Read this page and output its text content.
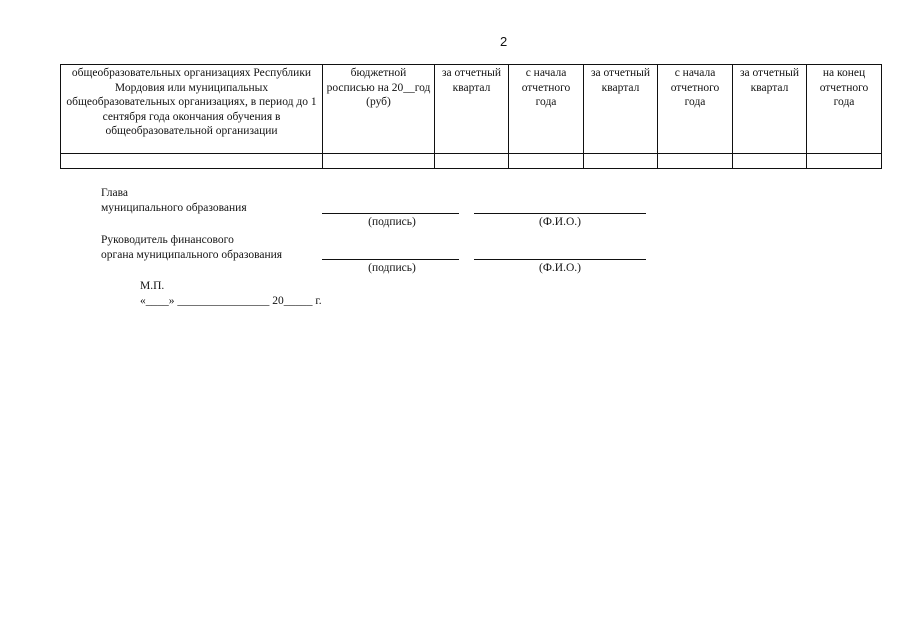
2
общеобразовательных организациях Республики Мордовия или муниципальных общеобразовательных организациях, в период до 1 сентября года окончания обучения в общеобразовательной организации	бюджетной росписью на 20__год (руб)	за отчетный квартал	с начала отчетного года	за отчетный квартал	с начала отчетного года	за отчетный квартал	на конец отчетного года

Глава
муниципального образования
(подпись)	(Ф.И.О.)
Руководитель финансового
органа муниципального образования
(подпись)	(Ф.И.О.)
М.П.
«____» ________________ 20_____ г.
